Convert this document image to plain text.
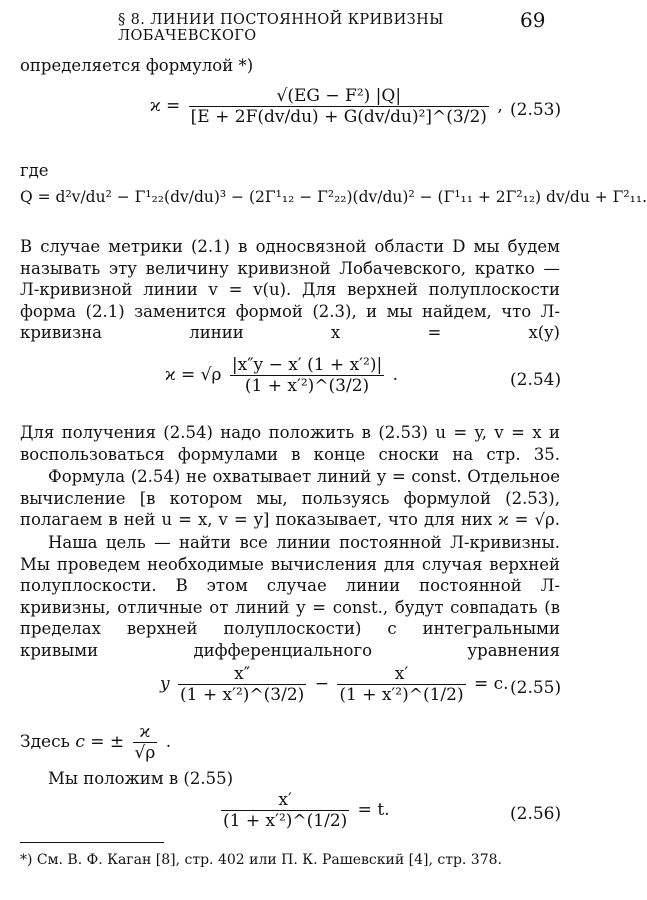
§ 8. ЛИНИИ ПОСТОЯННОЙ КРИВИЗНЫ ЛОБАЧЕВСКОГО
69
определяется формулой *)
$ϰ = \frac{\text{√(EG − F²) |Q|}}{\text{[E + 2F(dv/du) + G(dv/du)²]\textasciicircum{}(3/2)}}$ , (2.53)
где
Q = d²v/du² − Γ¹₂₂(dv/du)³ − (2Γ¹₁₂ − Γ²₂₂)(dv/du)² − (Γ¹₁₁ + 2Γ²₁₂) dv/du + Γ²₁₁.
В случае метрики (2.1) в односвязной области D мы будем называть эту величину кривизной Лобачевского, кратко — Л-кривизной линии v = v(u). Для верхней полуплоскости форма (2.1) заменится формой (2.3), и мы найдем, что Л-кривизна линии x = x(y)
$ϰ = √\rho \frac{\text{|x″y − x′ (1 + x′²)|}}{\text{(1 + x′²)\textasciicircum{}(3/2)}}$ .	(2.54)
Для получения (2.54) надо положить в (2.53) u = y, v = x и воспользоваться формулами в конце сноски на стр. 35.
Формула (2.54) не охватывает линий y = const. Отдельное вычисление [в котором мы, пользуясь формулой (2.53), полагаем в ней u = x, v = y] показывает, что для них ϰ = √ρ.
Наша цель — найти все линии постоянной Л-кривизны. Мы проведем необходимые вычисления для случая верхней полуплоскости. В этом случае линии постоянной Л-кривизны, отличные от линий y = const., будут совпадать (в пределах верхней полуплоскости) с интегральными кривыми дифференциального уравнения
y $\frac{x''}{\text{(1 + x′²)\textasciicircum{}(3/2)}} - \frac{x'}{\text{(1 + x′²)\textasciicircum{}(1/2)}} = c$. (2.55)
Здесь c = ± $\frac{ϰ}{√\rho}$ .
Мы положим в (2.55)
$\frac{x'}{\text{(1 + x′²)\textasciicircum{}(1/2)}} = t$.	(2.56)
*) См. В. Ф. Каган [8], стр. 402 или П. К. Рашевский [4], стр. 378.
